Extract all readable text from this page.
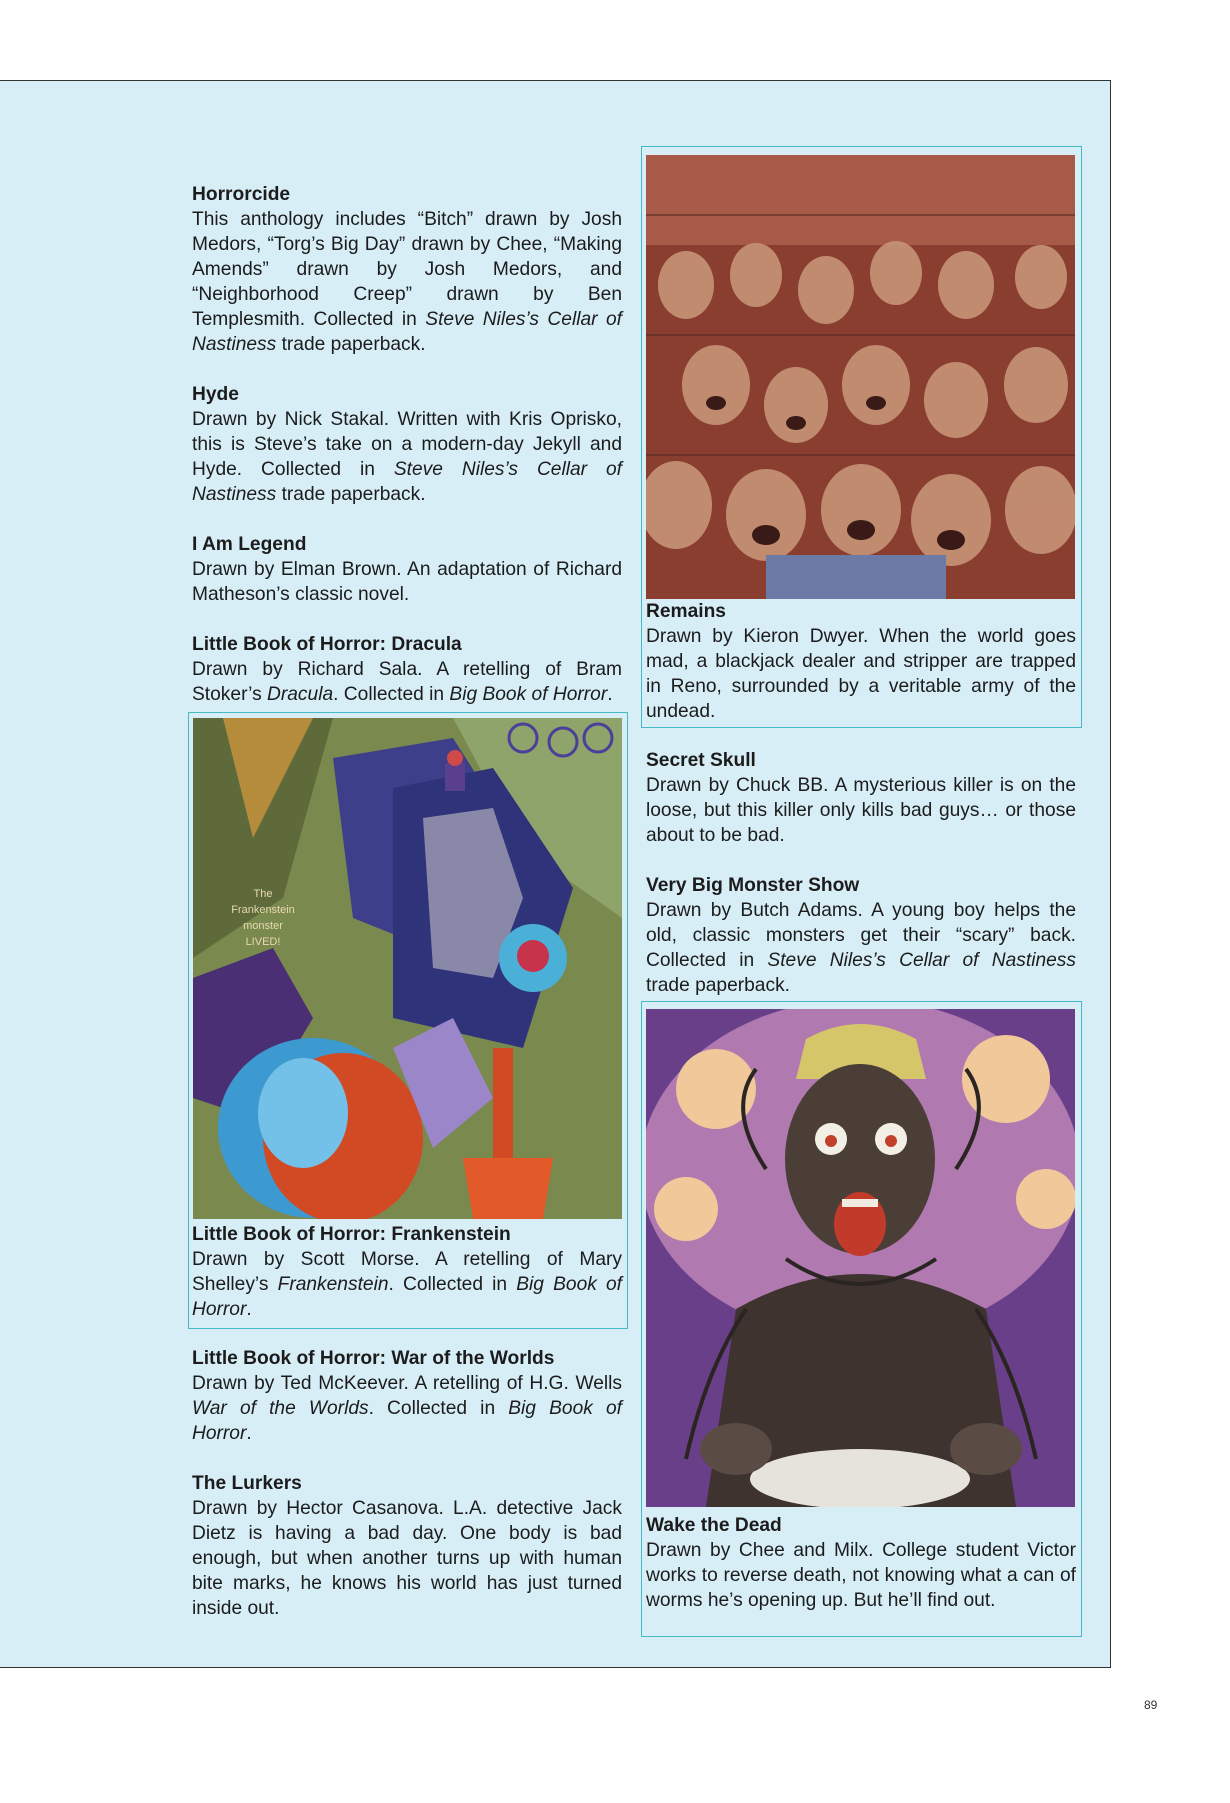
Horrorcide

This anthology includes “Bitch” drawn by Josh Medors, “Torg’s Big Day” drawn by Chee, “Making Amends” drawn by Josh Medors, and “Neighborhood Creep” drawn by Ben Templesmith. Collected in Steve Niles’s Cellar of Nastiness trade paperback.

Hyde

Drawn by Nick Stakal. Written with Kris Oprisko, this is Steve’s take on a modern-day Jekyll and Hyde. Collected in Steve Niles’s Cellar of Nastiness trade paperback.

I Am Legend

Drawn by Elman Brown. An adaptation of Richard Matheson’s classic novel.

Little Book of Horror: Dracula

Drawn by Richard Sala. A retelling of Bram Stoker’s Dracula. Collected in Big Book of Horror.

The
Frankenstein
monster
LIVED!
Little Book of Horror: Frankenstein

Drawn by Scott Morse. A retelling of Mary Shelley’s Frankenstein. Collected in Big Book of Horror.

Little Book of Horror: War of the Worlds

Drawn by Ted McKeever. A retelling of H.G. Wells War of the Worlds. Collected in Big Book of Horror.

The Lurkers

Drawn by Hector Casanova. L.A. detective Jack Dietz is having a bad day. One body is bad enough, but when another turns up with human bite marks, he knows his world has just turned inside out.

Remains

Drawn by Kieron Dwyer. When the world goes mad, a blackjack dealer and stripper are trapped in Reno, surrounded by a veritable army of the undead.

Secret Skull

Drawn by Chuck BB. A mysterious killer is on the loose, but this killer only kills bad guys… or those about to be bad.

Very Big Monster Show

Drawn by Butch Adams. A young boy helps the old, classic monsters get their “scary” back. Collected in Steve Niles’s Cellar of Nastiness trade paperback.

Wake the Dead

Drawn by Chee and Milx. College student Victor works to reverse death, not knowing what a can of worms he’s opening up. But he’ll find out.

89
